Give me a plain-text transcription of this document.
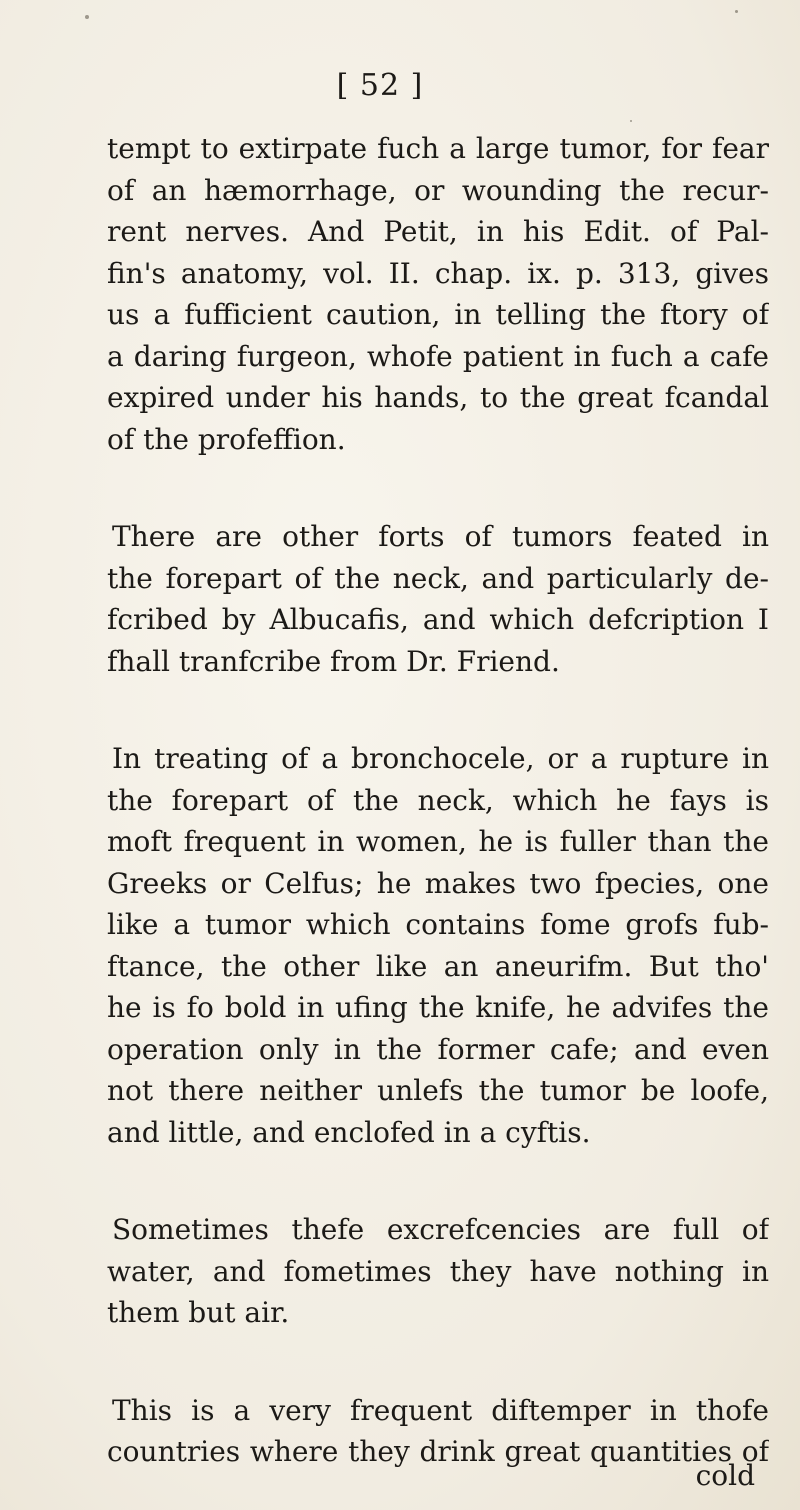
[ 52 ]
tempt to extirpate fuch a large tumor, for fear
of an hæmorrhage, or wounding the recur-
rent nerves. And Petit, in his Edit. of Pal-
fin's anatomy, vol. II. chap. ix. p. 313, gives
us a fufficient caution, in telling the ftory of
a daring furgeon, whofe patient in fuch a cafe
expired under his hands, to the great fcandal
of the profeffion.
There are other forts of tumors feated in
the forepart of the neck, and particularly de-
fcribed by Albucafis, and which defcription I
fhall tranfcribe from Dr. Friend.
In treating of a bronchocele, or a rupture in
the forepart of the neck, which he fays is
moft frequent in women, he is fuller than the
Greeks or Celfus; he makes two fpecies, one
like a tumor which contains fome grofs fub-
ftance, the other like an aneurifm. But tho'
he is fo bold in ufing the knife, he advifes the
operation only in the former cafe; and even
not there neither unlefs the tumor be loofe,
and little, and enclofed in a cyftis.
Sometimes thefe excrefcencies are full of
water, and fometimes they have nothing in
them but air.
This is a very frequent diftemper in thofe
countries where they drink great quantities of
cold
